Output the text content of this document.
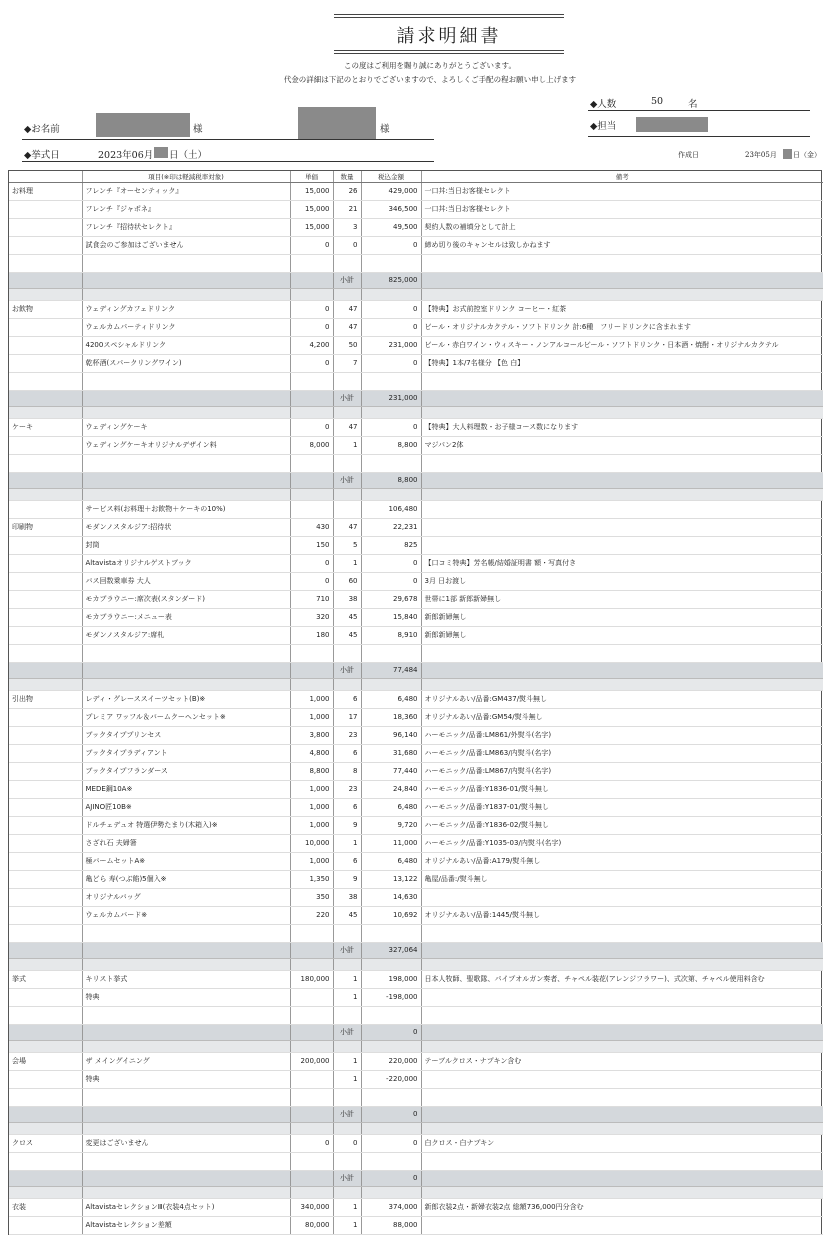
請求明細書
この度はご利用を賜り誠にありがとうございます。
代金の詳細は下記のとおりでございますので、よろしくご手配の程お願い申し上げます
◆人数	50	名
◆担当
◆お名前	様	様
◆挙式日	2023年06月 日（土）	作成日	23年05月 日（金）
	項目(※印は軽減税率対象)	単価	数量	税込金額	備考
お料理	フレンチ『オーセンティック』	15,000	26	429,000	一口丼:当日お客様セレクト
	フレンチ『ジャポネ』	15,000	21	346,500	一口丼:当日お客様セレクト
	フレンチ『招待状セレクト』	15,000	3	49,500	契約人数の補填分として計上
	試食会のご参加はございません	0	0	0	締め切り後のキャンセルは致しかねます

			小計	825,000	

お飲物	ウェディングカフェドリンク	0	47	0	【特典】お式前控室ドリンク コーヒー・紅茶
	ウェルカムパーティドリンク	0	47	0	ビール・オリジナルカクテル・ソフトドリンク 計:6種　フリードリンクに含まれます
	4200スペシャルドリンク	4,200	50	231,000	ビール・赤白ワイン・ウィスキー・ノンアルコールビール・ソフトドリンク・日本酒・焼酎・オリジナルカクテル
	乾杯酒(スパークリングワイン)	0	7	0	【特典】1本/7名様分 【色 白】

			小計	231,000	

ケーキ	ウェディングケーキ	0	47	0	【特典】大人料理数・お子様コース数になります
	ウェディングケーキオリジナルデザイン料	8,000	1	8,800	マジパン2体

			小計	8,800	

	サービス料(お料理＋お飲物＋ケーキの10%)			106,480	
印刷物	モダンノスタルジア:招待状	430	47	22,231	
	封筒	150	5	825	
	Altavistaオリジナルゲストブック	0	1	0	【口コミ特典】芳名帳/結婚証明書 額・写真付き
	バス回数乗車券 大人	0	60	0	3月 日お渡し
	モカブラウニー:席次表(スタンダード)	710	38	29,678	世帯に1部 新郎新婦無し
	モカブラウニー:メニュー表	320	45	15,840	新郎新婦無し
	モダンノスタルジア:席札	180	45	8,910	新郎新婦無し

			小計	77,484	

引出物	レディ・グレーススイーツセット(B)※	1,000	6	6,480	オリジナルあい/品番:GM437/熨斗無し
	プレミア ワッフル＆バームクーヘンセット※	1,000	17	18,360	オリジナルあい/品番:GM54/熨斗無し
	ブックタイププリンセス	3,800	23	96,140	ハーモニック/品番:LM861/外熨斗(名字)
	ブックタイプラディアント	4,800	6	31,680	ハーモニック/品番:LM863/内熨斗(名字)
	ブックタイプフランダース	8,800	8	77,440	ハーモニック/品番:LM867/内熨斗(名字)
	MEDE鋼10A※	1,000	23	24,840	ハーモニック/品番:Y1836-01/熨斗無し
	AJINO匠10B※	1,000	6	6,480	ハーモニック/品番:Y1837-01/熨斗無し
	ドルチェデュオ 特選伊勢たまり(木箱入)※	1,000	9	9,720	ハーモニック/品番:Y1836-02/熨斗無し
	さざれ石 夫婦箸	10,000	1	11,000	ハーモニック/品番:Y1035-03/内熨斗(名字)
	極バームセットA※	1,000	6	6,480	オリジナルあい/品番:A179/熨斗無し
	亀どら 寿(つぶ餡)5個入※	1,350	9	13,122	亀屋/品番:/熨斗無し
	オリジナルバッグ	350	38	14,630	
	ウェルカムバード※	220	45	10,692	オリジナルあい/品番:1445/熨斗無し

			小計	327,064	

挙式	キリスト挙式	180,000	1	198,000	日本人牧師、聖歌隊、パイプオルガン奏者、チャペル装花(アレンジフラワー)、式次第、チャペル使用料含む
	特典		1	-198,000	

			小計	0	

会場	ザ メイングイニング	200,000	1	220,000	テーブルクロス・ナプキン含む
	特典		1	-220,000	

			小計	0	

クロス	変更はございません	0	0	0	白クロス・白ナプキン

			小計	0	

衣装	AltavistaセレクションⅢ(衣装4点セット)	340,000	1	374,000	新郎衣装2点・新婦衣装2点 総額736,000円分含む
	Altavistaセレクション差額	80,000	1	88,000	
